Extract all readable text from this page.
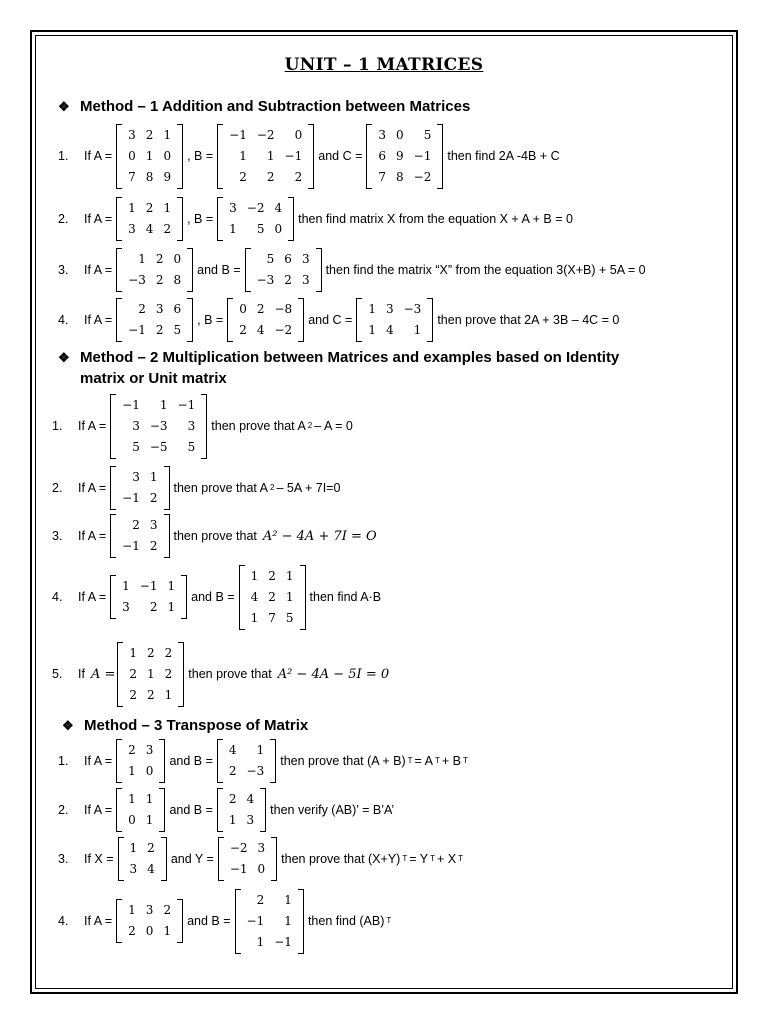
UNIT – 1 MATRICES
❖ Method – 1 Addition and Subtraction between Matrices
❖ Method – 2 Multiplication between Matrices and examples based on Identity
matrix or Unit matrix
❖ Method – 3 Transpose of Matrix
1.	If A =
3 2 1
0 1 0
7 8 9
, B =
−1 −2	0
1	1 −1
2	2	2
and C =
3 0	5
6 9 −1
7 8 −2
then find 2A -4B + C
2.	If A =
1 2 1
3 4 2
, B =
3 −2 4
1	5 0
then find matrix X from the equation X + A + B = 0
3.	If A =
1 2 0
−3 2 8
and B =
5 6 3
−3 2 3
then find the matrix “X” from the equation 3(X+B) + 5A = 0
4.	If A =
2 3 6
−1 2 5
, B =
0 2 −8
2 4 −2
and C =
1 3 −3
1 4	1
then prove that 2A + 3B – 4C = 0
1.	If A =
−1	1 −1
3 −3	3
5 −5	5
then prove that A 2 – A = 0
2.	If A =
3 1
−1 2
then prove that A 2 – 5A + 7I=0
3.	If A =
2 3
−1 2
then prove that A² − 4A + 7I = O
4.	If A =
1 −1 1
3	2 1
and B =
1 2 1
4 2 1
1 7 5
then find A·B
5.	If A =
1 2 2
2 1 2
2 2 1
then prove that A² − 4A − 5I = 0
1.	If A =
2 3
1 0
and B =
4	1
2 −3
then prove that (A + B) T = A T + B T
2.	If A =
1 1
0 1
and B =
2 4
1 3
then verify (AB)’ = B’A’
3.	If X =
1 2
3 4
and Y =
−2 3
−1 0
then prove that (X+Y) T = Y T + X T
4.	If A =
1 3 2
2 0 1
and B =
2	1
−1	1
1 −1
then find (AB) T
